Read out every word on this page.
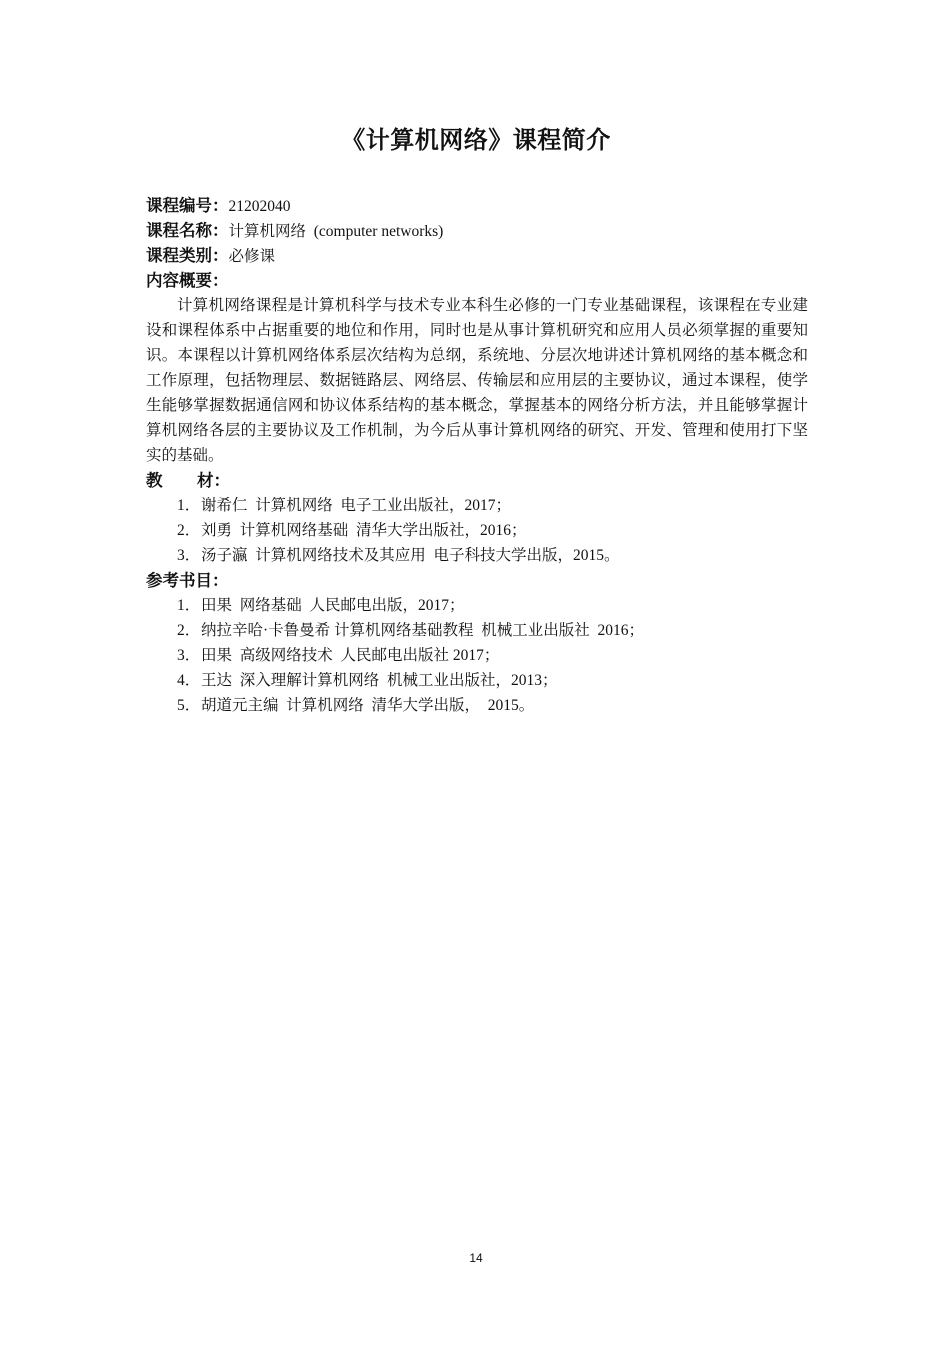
《计算机网络》课程简介
课程编号：21202040
课程名称：计算机网络  (computer networks)
课程类别：必修课
内容概要：

计算机网络课程是计算机科学与技术专业本科生必修的一门专业基础课程，该课程在专业建设和课程体系中占据重要的地位和作用，同时也是从事计算机研究和应用人员必须掌握的重要知识。本课程以计算机网络体系层次结构为总纲，系统地、分层次地讲述计算机网络的基本概念和工作原理，包括物理层、数据链路层、网络层、传输层和应用层的主要协议，通过本课程，使学生能够掌握数据通信网和协议体系结构的基本概念，掌握基本的网络分析方法，并且能够掌握计算机网络各层的主要协议及工作机制，为今后从事计算机网络的研究、开发、管理和使用打下坚实的基础。

教      材：
1．谢希仁  计算机网络  电子工业出版社，2017；
2．刘勇  计算机网络基础  清华大学出版社，2016；
3．汤子瀛  计算机网络技术及其应用  电子科技大学出版，2015。
参考书目：
1．田果  网络基础  人民邮电出版，2017；
2．纳拉辛哈·卡鲁曼希 计算机网络基础教程  机械工业出版社  2016；
3．田果  高级网络技术  人民邮电出版社 2017；
4．王达  深入理解计算机网络  机械工业出版社，2013；
5．胡道元主编  计算机网络  清华大学出版，  2015。
14
